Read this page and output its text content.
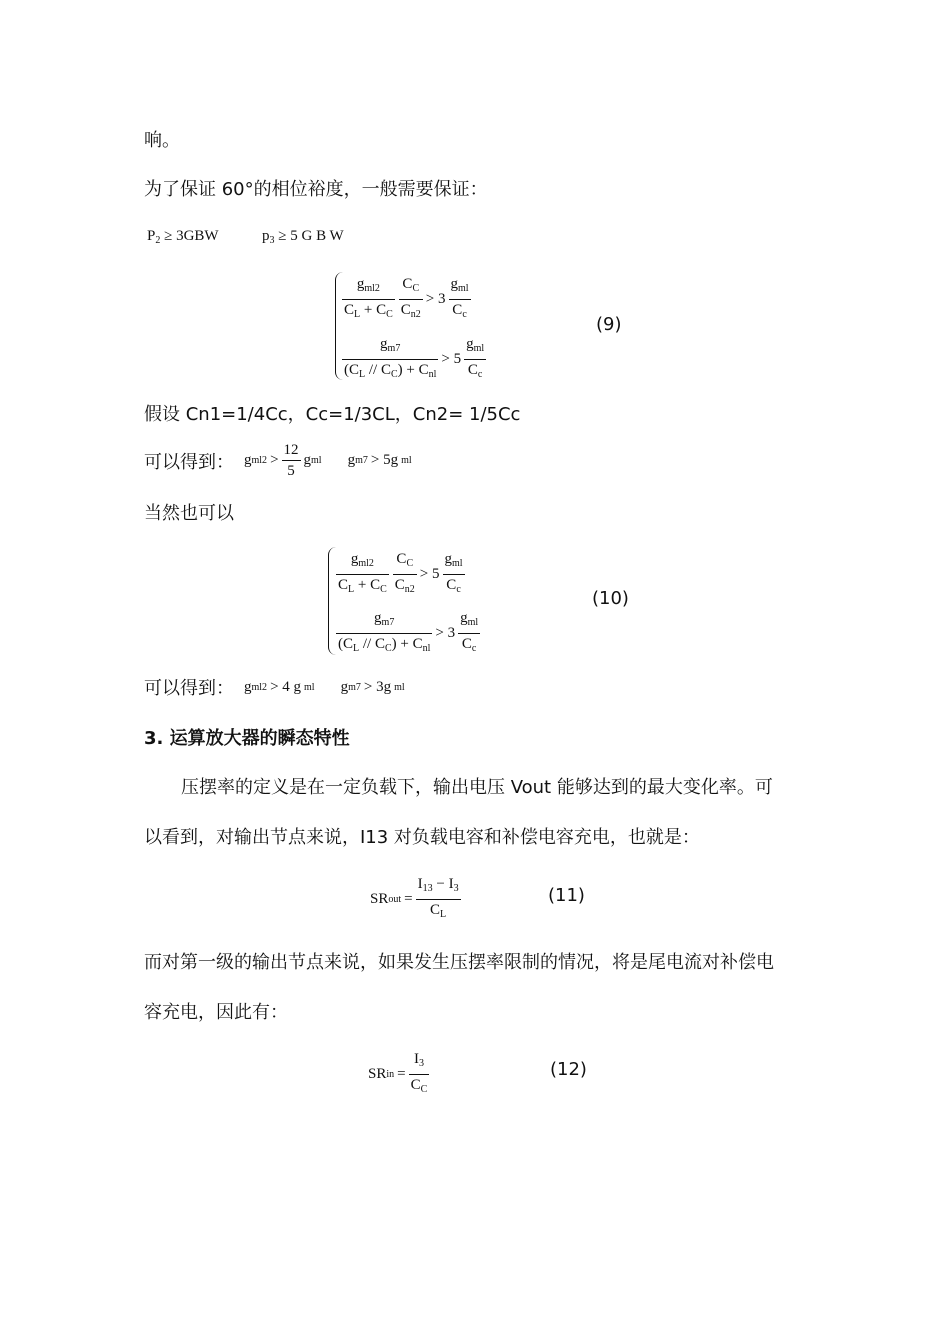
响。
为了保证 60°的相位裕度，一般需要保证：
$P_2 \ge 3GBW$	$p_3 \ge 5$ G B W
$\frac{g_{ml2}}{C_L + C_C} \frac{C_C}{C_{n2}} > 3 \frac{g_{ml}}{C_c}$
$\frac{g_{m7}}{(C_L // C_C) + C_{nl}} > 5 \frac{g_{ml}}{C_c}$
(9)
假设 Cn1=1/4Cc，Cc=1/3CL，Cn2= 1/5Cc
可以得到： g $ml2 > \frac{12}{5}$ g ml g m7 > 5g ml
当然也可以
$\frac{g_{ml2}}{C_L + C_C} \frac{C_C}{C_{n2}} > 5 \frac{g_{ml}}{C_c}$
$\frac{g_{m7}}{(C_L // C_C) + C_{nl}} > 3 \frac{g_{ml}}{C_c}$
(10)
可以得到： g ml2 > 4 g ml g m7 > 3g ml
3. 运算放大器的瞬态特性
压摆率的定义是在一定负载下，输出电压 Vout 能够达到的最大变化率。可
以看到，对输出节点来说，I13 对负载电容和补偿电容充电，也就是：
SR out = $\frac{I_{13} - I_3}{C_L}$	(11)
而对第一级的输出节点来说，如果发生压摆率限制的情况，将是尾电流对补偿电
容充电，因此有：
SR in = $\frac{I_3}{C_C}$	(12)
